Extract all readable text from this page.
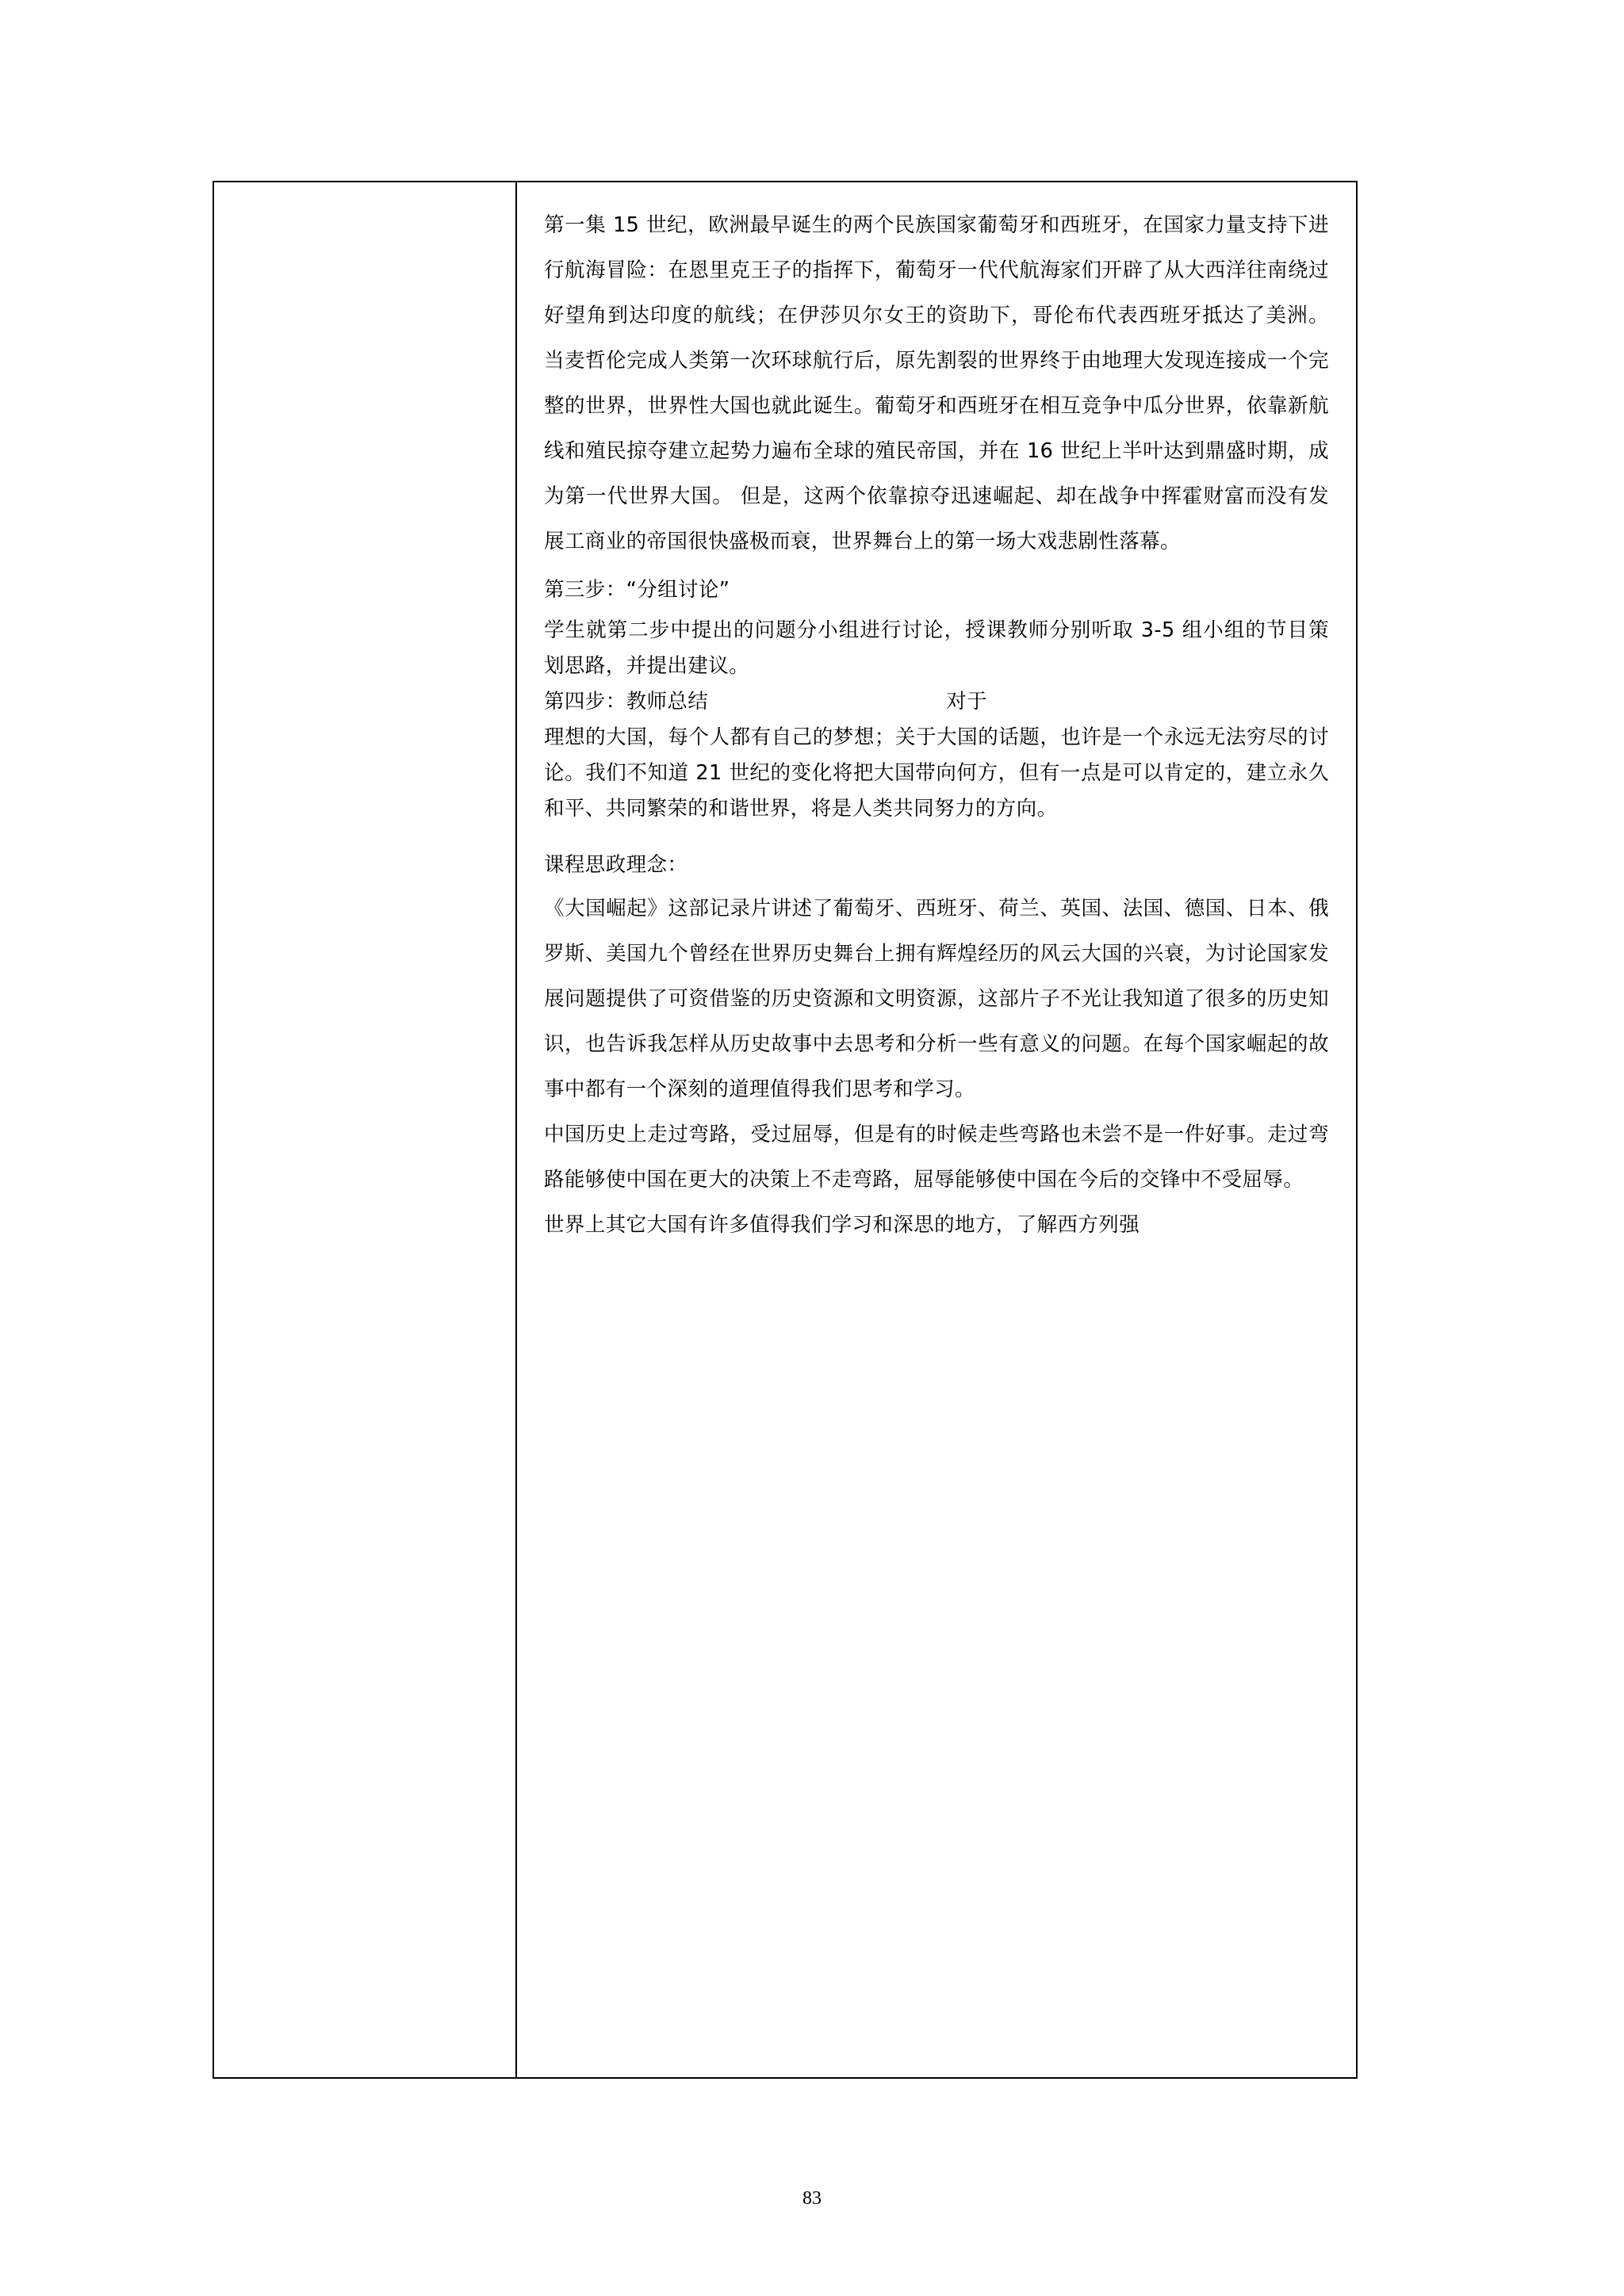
第一集 15 世纪，欧洲最早诞生的两个民族国家葡萄牙和西班牙，在国家力量支持下进行航海冒险：在恩里克王子的指挥下，葡萄牙一代代航海家们开辟了从大西洋往南绕过好望角到达印度的航线；在伊莎贝尔女王的资助下，哥伦布代表西班牙抵达了美洲。 当麦哲伦完成人类第一次环球航行后，原先割裂的世界终于由地理大发现连接成一个完整的世界，世界性大国也就此诞生。葡萄牙和西班牙在相互竞争中瓜分世界，依靠新航线和殖民掠夺建立起势力遍布全球的殖民帝国，并在 16 世纪上半叶达到鼎盛时期，成为第一代世界大国。 但是，这两个依靠掠夺迅速崛起、却在战争中挥霍财富而没有发展工商业的帝国很快盛极而衰，世界舞台上的第一场大戏悲剧性落幕。

第三步：“分组讨论”

学生就第二步中提出的问题分小组进行讨论，授课教师分别听取 3-5 组小组的节目策划思路，并提出建议。

第四步：教师总结	对于

理想的大国，每个人都有自己的梦想；关于大国的话题，也许是一个永远无法穷尽的讨论。我们不知道 21 世纪的变化将把大国带向何方，但有一点是可以肯定的，建立永久和平、共同繁荣的和谐世界，将是人类共同努力的方向。

课程思政理念：

《大国崛起》这部记录片讲述了葡萄牙、西班牙、荷兰、英国、法国、德国、日本、俄罗斯、美国九个曾经在世界历史舞台上拥有辉煌经历的风云大国的兴衰，为讨论国家发展问题提供了可资借鉴的历史资源和文明资源，这部片子不光让我知道了很多的历史知识，也告诉我怎样从历史故事中去思考和分析一些有意义的问题。在每个国家崛起的故事中都有一个深刻的道理值得我们思考和学习。

中国历史上走过弯路，受过屈辱，但是有的时候走些弯路也未尝不是一件好事。走过弯路能够使中国在更大的决策上不走弯路，屈辱能够使中国在今后的交锋中不受屈辱。

世界上其它大国有许多值得我们学习和深思的地方，了解西方列强

83
